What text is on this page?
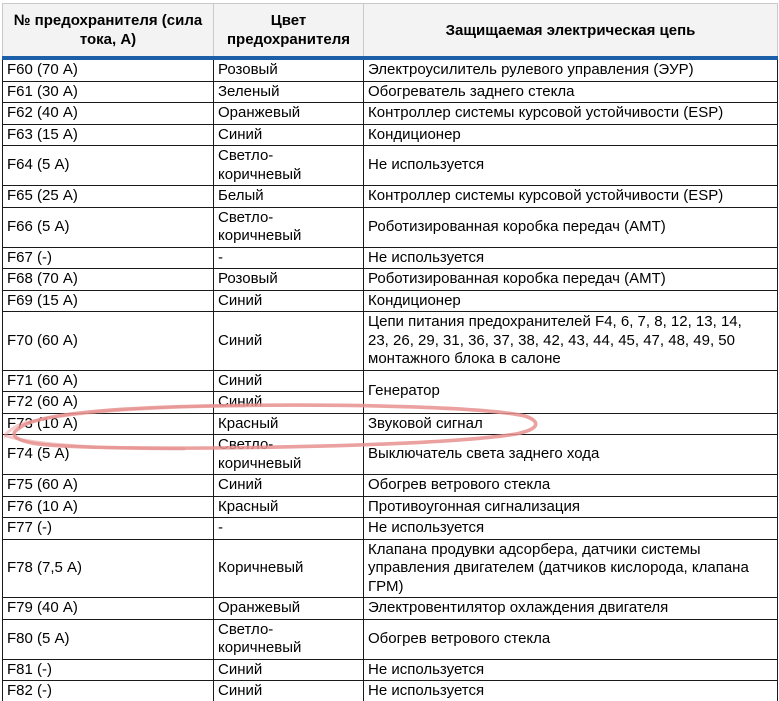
№ предохранителя (сила тока, А)	Цвет предохранителя	Защищаемая электрическая цепь
F60 (70 А)	Розовый	Электроусилитель рулевого управления (ЭУР)
F61 (30 А)	Зеленый	Обогреватель заднего стекла
F62 (40 А)	Оранжевый	Контроллер системы курсовой устойчивости (ESP)
F63 (15 А)	Синий	Кондиционер
F64 (5 А)	Светло-коричневый	Не используется
F65 (25 А)	Белый	Контроллер системы курсовой устойчивости (ESP)
F66 (5 А)	Светло-коричневый	Роботизированная коробка передач (АМТ)
F67 (-)	-	Не используется
F68 (70 А)	Розовый	Роботизированная коробка передач (АМТ)
F69 (15 А)	Синий	Кондиционер
F70 (60 А)	Синий	Цепи питания предохранителей F4, 6, 7, 8, 12, 13, 14, 23, 26, 29, 31, 36, 37, 38, 42, 43, 44, 45, 47, 48, 49, 50 монтажного блока в салоне
F71 (60 А)	Синий	Генератор
F72 (60 А)	Синий	
F73 (10 А)	Красный	Звуковой сигнал
F74 (5 А)	Светло-коричневый	Выключатель света заднего хода
F75 (60 А)	Синий	Обогрев ветрового стекла
F76 (10 А)	Красный	Противоугонная сигнализация
F77 (-)	-	Не используется
F78 (7,5 А)	Коричневый	Клапана продувки адсорбера, датчики системы управления двигателем (датчиков кислорода, клапана ГРМ)
F79 (40 А)	Оранжевый	Электровентилятор охлаждения двигателя
F80 (5 А)	Светло-коричневый	Обогрев ветрового стекла
F81 (-)	Синий	Не используется
F82 (-)	Синий	Не используется
